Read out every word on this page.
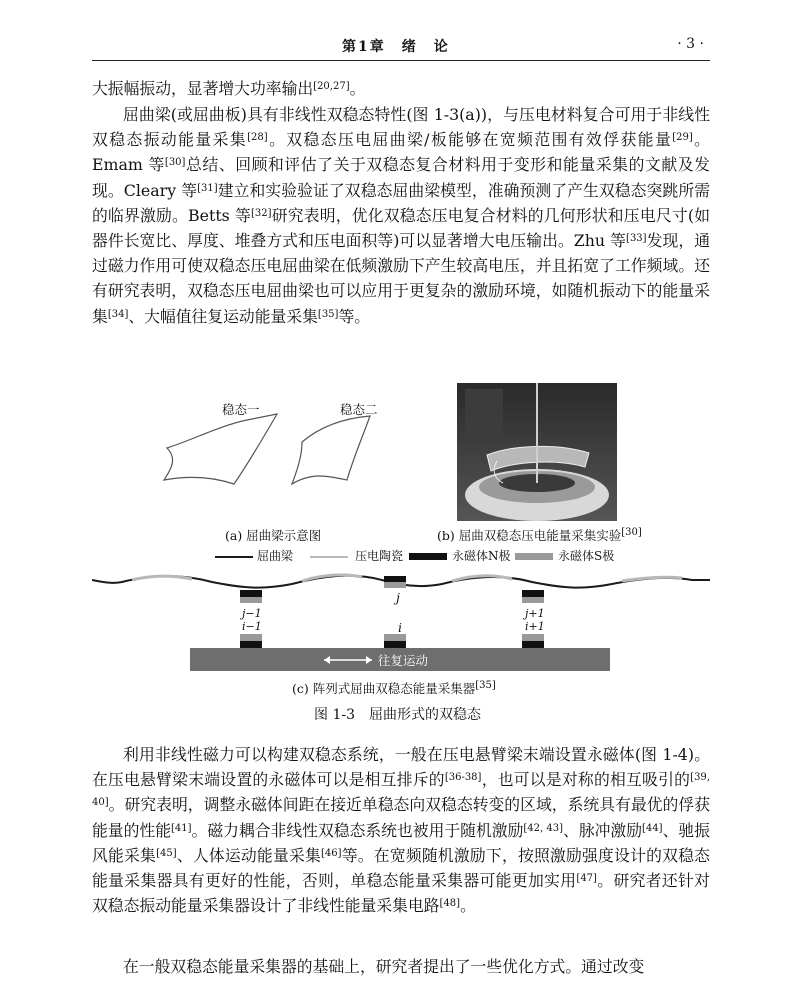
第1章　绪　论	· 3 ·

大振幅振动，显著增大功率输出[20,27]。

屈曲梁(或屈曲板)具有非线性双稳态特性(图 1-3(a))，与压电材料复合可用于非线性双稳态振动能量采集[28]。双稳态压电屈曲梁/板能够在宽频范围有效俘获能量[29]。Emam 等[30]总结、回顾和评估了关于双稳态复合材料用于变形和能量采集的文献及发现。Cleary 等[31]建立和实验验证了双稳态屈曲梁模型，准确预测了产生双稳态突跳所需的临界激励。Betts 等[32]研究表明，优化双稳态压电复合材料的几何形状和压电尺寸(如器件长宽比、厚度、堆叠方式和压电面积等)可以显著增大电压输出。Zhu 等[33]发现，通过磁力作用可使双稳态压电屈曲梁在低频激励下产生较高电压，并且拓宽了工作频域。还有研究表明，双稳态压电屈曲梁也可以应用于更复杂的激励环境，如随机振动下的能量采集[34]、大幅值往复运动能量采集[35]等。

稳态一	稳态二
(a) 屈曲梁示意图	(b) 屈曲双稳态压电能量采集实验[30]
屈曲梁	压电陶瓷	永磁体N极	永磁体S极
j
j−1
i−1
j+1
i+1
i
往复运动
(c) 阵列式屈曲双稳态能量采集器[35]
图 1-3　屈曲形式的双稳态

利用非线性磁力可以构建双稳态系统，一般在压电悬臂梁末端设置永磁体(图 1-4)。在压电悬臂梁末端设置的永磁体可以是相互排斥的[36-38]，也可以是对称的相互吸引的[39, 40]。研究表明，调整永磁体间距在接近单稳态向双稳态转变的区域，系统具有最优的俘获能量的性能[41]。磁力耦合非线性双稳态系统也被用于随机激励[42, 43]、脉冲激励[44]、驰振风能采集[45]、人体运动能量采集[46]等。在宽频随机激励下，按照激励强度设计的双稳态能量采集器具有更好的性能，否则，单稳态能量采集器可能更加实用[47]。研究者还针对双稳态振动能量采集器设计了非线性能量采集电路[48]。

在一般双稳态能量采集器的基础上，研究者提出了一些优化方式。通过改变
